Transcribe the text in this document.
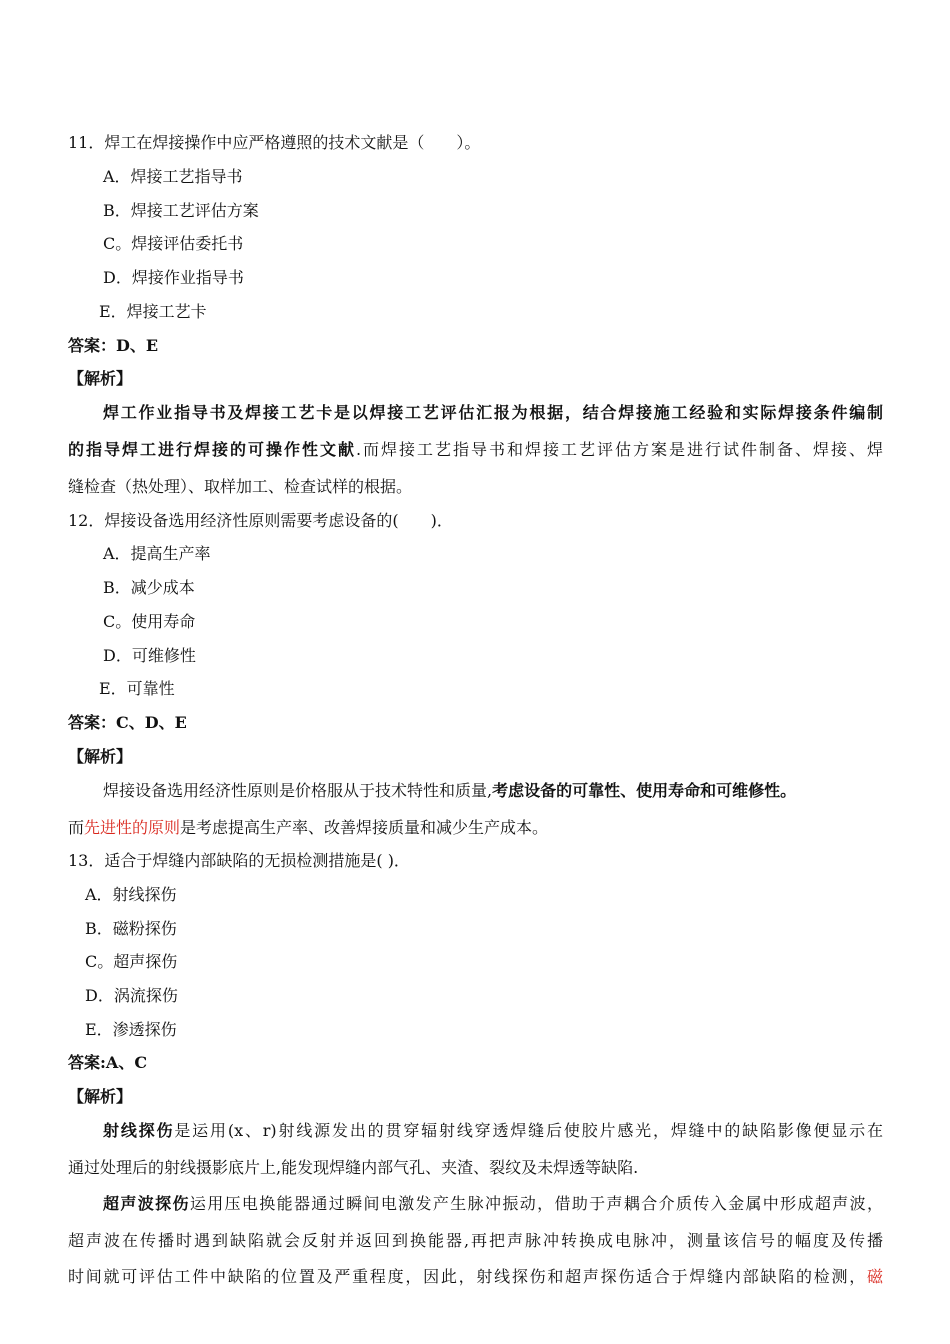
11．焊工在焊接操作中应严格遵照的技术文献是（　　）。
A．焊接工艺指导书
B．焊接工艺评估方案
C。焊接评估委托书
D．焊接作业指导书
E．焊接工艺卡
答案：D、E
【解析】
焊工作业指导书及焊接工艺卡是以焊接工艺评估汇报为根据，结合焊接施工经验和实际焊接条件编制
的指导焊工进行焊接的可操作性文献.而焊接工艺指导书和焊接工艺评估方案是进行试件制备、焊接、焊
缝检查（热处理）、取样加工、检查试样的根据。
12．焊接设备选用经济性原则需要考虑设备的(　　)．
A．提高生产率
B．减少成本
C。使用寿命
D．可维修性
E．可靠性
答案：C、D、E
【解析】
焊接设备选用经济性原则是价格服从于技术特性和质量,考虑设备的可靠性、使用寿命和可维修性。
而先进性的原则是考虑提高生产率、改善焊接质量和减少生产成本。
13．适合于焊缝内部缺陷的无损检测措施是( )．
A．射线探伤
B．磁粉探伤
C。超声探伤
D．涡流探伤
E．渗透探伤
答案:A、C
【解析】
射线探伤是运用(x、r)射线源发出的贯穿辐射线穿透焊缝后使胶片感光，焊缝中的缺陷影像便显示在
通过处理后的射线摄影底片上,能发现焊缝内部气孔、夹渣、裂纹及未焊透等缺陷.
超声波探伤运用压电换能器通过瞬间电激发产生脉冲振动，借助于声耦合介质传入金属中形成超声波，
超声波在传播时遇到缺陷就会反射并返回到换能器,再把声脉冲转换成电脉冲，测量该信号的幅度及传播
时间就可评估工件中缺陷的位置及严重程度，因此，射线探伤和超声探伤适合于焊缝内部缺陷的检测，磁
